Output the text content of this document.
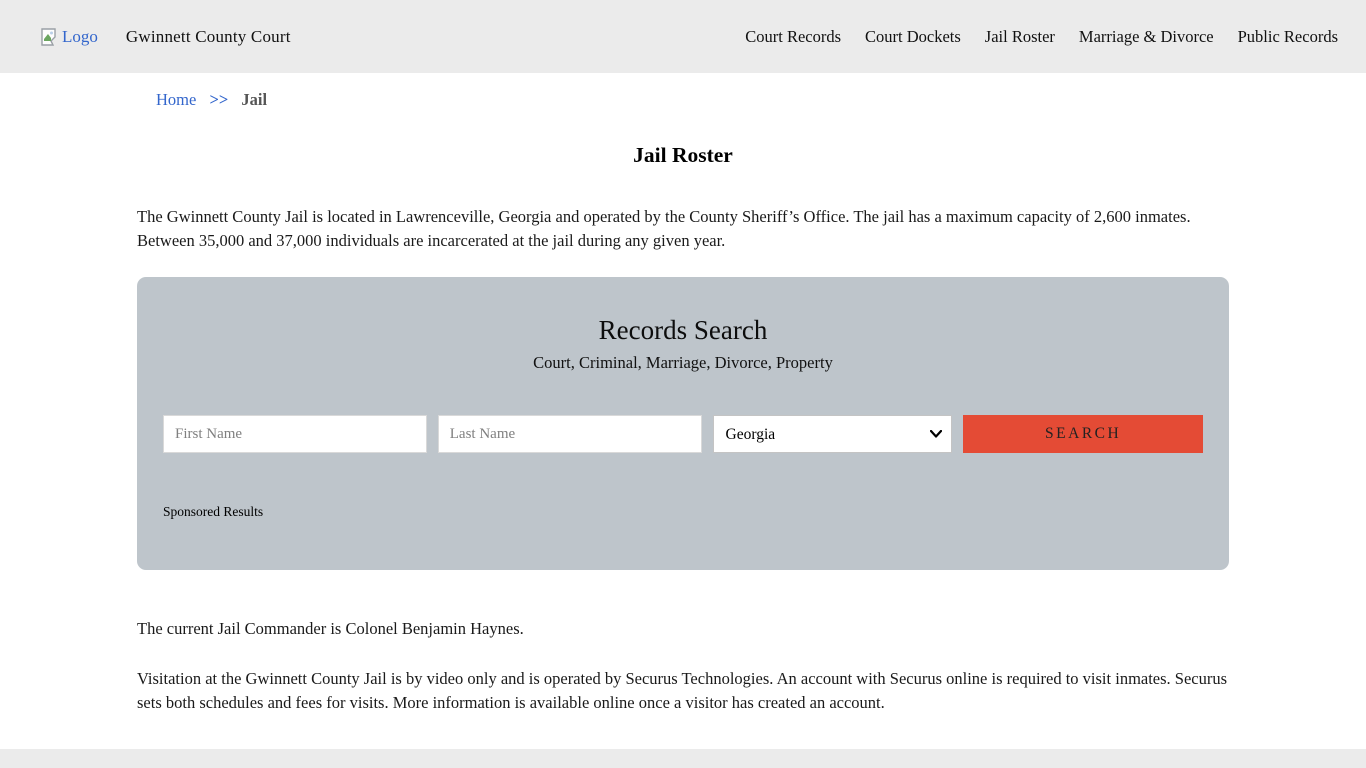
Logo Gwinnett County Court	Court Records Court Dockets Jail Roster Marriage & Divorce Public Records
Home >> Jail
Jail Roster

The Gwinnett County Jail is located in Lawrenceville, Georgia and operated by the County Sheriff’s Office. The jail has a maximum capacity of 2,600 inmates. Between 35,000 and 37,000 individuals are incarcerated at the jail during any given year.

Records Search
Court, Criminal, Marriage, Divorce, Property
First Name
Last Name
Georgia
SEARCH
Sponsored Results

The current Jail Commander is Colonel Benjamin Haynes.

Visitation at the Gwinnett County Jail is by video only and is operated by Securus Technologies. An account with Securus online is required to visit inmates. Securus sets both schedules and fees for visits. More information is available online once a visitor has created an account.
